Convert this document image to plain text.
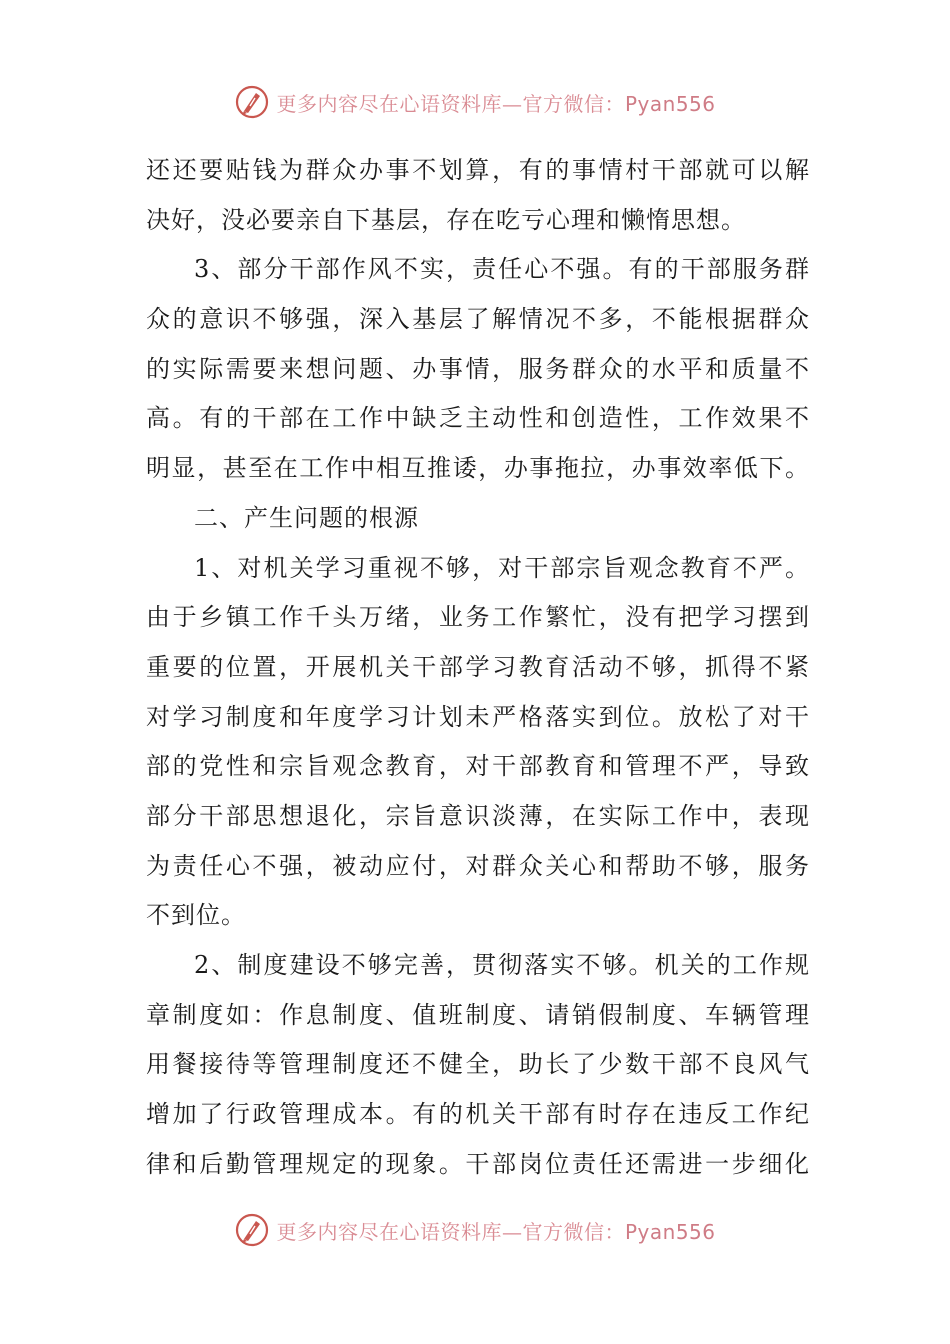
更多内容尽在心语资料库—官方微信：Pyan556
还还要贴钱为群众办事不划算，有的事情村干部就可以解
决好，没必要亲自下基层，存在吃亏心理和懒惰思想。
3、部分干部作风不实，责任心不强。有的干部服务群
众的意识不够强，深入基层了解情况不多，不能根据群众
的实际需要来想问题、办事情，服务群众的水平和质量不
高。有的干部在工作中缺乏主动性和创造性，工作效果不
明显，甚至在工作中相互推诿，办事拖拉，办事效率低下。
二、产生问题的根源
1、对机关学习重视不够，对干部宗旨观念教育不严。
由于乡镇工作千头万绪，业务工作繁忙，没有把学习摆到
重要的位置，开展机关干部学习教育活动不够，抓得不紧
对学习制度和年度学习计划未严格落实到位。放松了对干
部的党性和宗旨观念教育，对干部教育和管理不严，导致
部分干部思想退化，宗旨意识淡薄，在实际工作中，表现
为责任心不强，被动应付，对群众关心和帮助不够，服务
不到位。
2、制度建设不够完善，贯彻落实不够。机关的工作规
章制度如：作息制度、值班制度、请销假制度、车辆管理
用餐接待等管理制度还不健全，助长了少数干部不良风气
增加了行政管理成本。有的机关干部有时存在违反工作纪
律和后勤管理规定的现象。干部岗位责任还需进一步细化
更多内容尽在心语资料库—官方微信：Pyan556
